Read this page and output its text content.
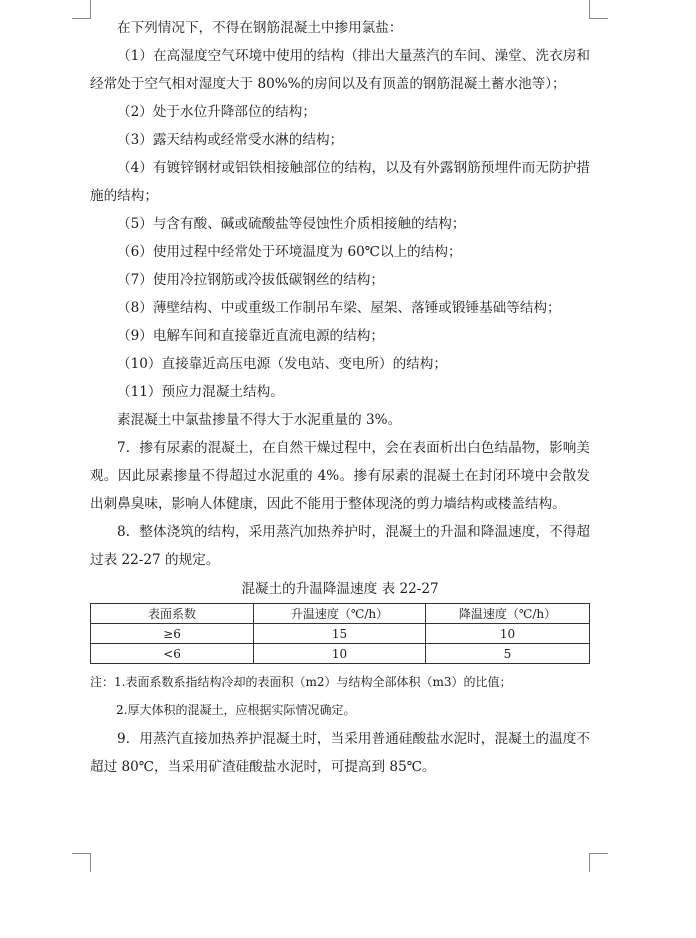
在下列情况下，不得在钢筋混凝土中掺用氯盐：

（1）在高湿度空气环境中使用的结构（排出大量蒸汽的车间、澡堂、洗衣房和经常处于空气相对湿度大于 80%%的房间以及有顶盖的钢筋混凝土蓄水池等）；

（2）处于水位升降部位的结构；

（3）露天结构或经常受水淋的结构；

（4）有镀锌钢材或铝铁相接触部位的结构，以及有外露钢筋预埋件而无防护措施的结构；

（5）与含有酸、碱或硫酸盐等侵蚀性介质相接触的结构；

（6）使用过程中经常处于环境温度为 60℃以上的结构；

（7）使用冷拉钢筋或冷拔低碳钢丝的结构；

（8）薄壁结构、中或重级工作制吊车梁、屋架、落锤或锻锤基础等结构；

（9）电解车间和直接靠近直流电源的结构；

（10）直接靠近高压电源（发电站、变电所）的结构；

（11）预应力混凝土结构。

素混凝土中氯盐掺量不得大于水泥重量的 3%。

7．掺有尿素的混凝土，在自然干燥过程中，会在表面析出白色结晶物，影响美观。因此尿素掺量不得超过水泥重的 4%。掺有尿素的混凝土在封闭环境中会散发出刺鼻臭味，影响人体健康，因此不能用于整体现浇的剪力墙结构或楼盖结构。

8．整体浇筑的结构，采用蒸汽加热养护时，混凝土的升温和降温速度，不得超过表 22-27 的规定。

混凝土的升温降温速度 表 22-27
表面系数	升温速度（℃/h）	降温速度（℃/h）
≥6	15	10
<6	10	5

注：1.表面系数系指结构冷却的表面积（m2）与结构全部体积（m3）的比值；

2.厚大体积的混凝土，应根据实际情况确定。

9．用蒸汽直接加热养护混凝土时，当采用普通硅酸盐水泥时，混凝土的温度不超过 80℃，当采用矿渣硅酸盐水泥时，可提高到 85℃。
